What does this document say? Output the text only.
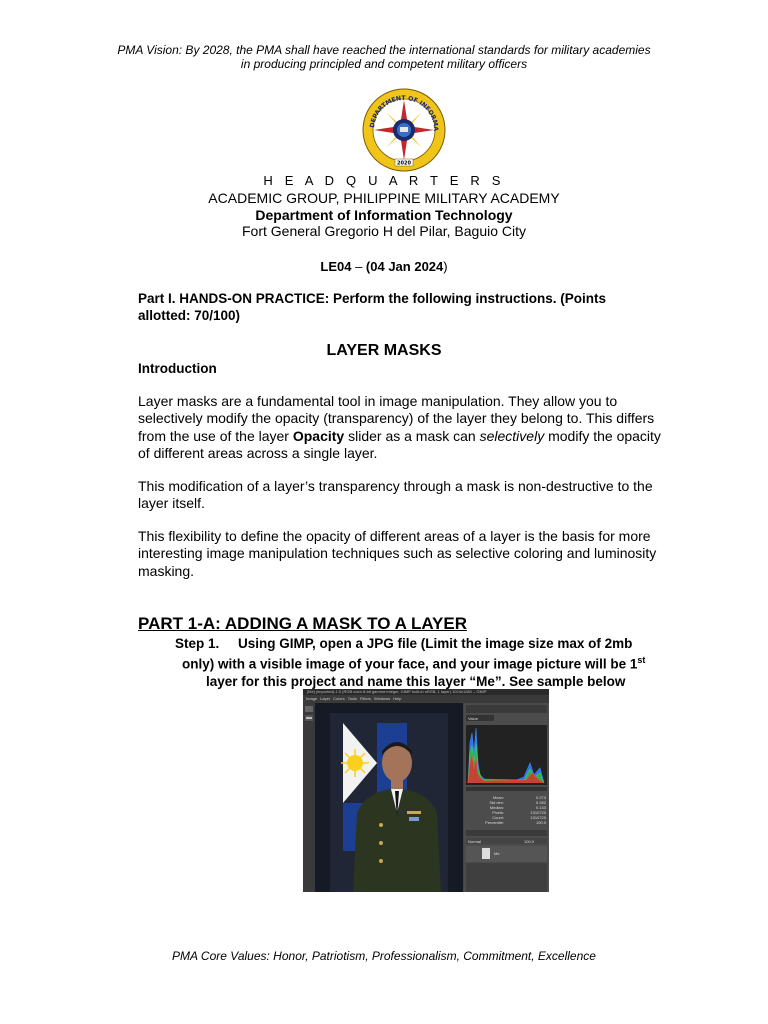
PMA Vision: By 2028, the PMA shall have reached the international standards for military academies
in producing principled and competent military officers
DEPARTMENT OF INFORMA
2020
H E A D Q U A R T E R S
ACADEMIC GROUP, PHILIPPINE MILITARY ACADEMY
Department of Information Technology
Fort General Gregorio H del Pilar, Baguio City
LE04 – (04 Jan 2024)
Part I. HANDS-ON PRACTICE: Perform the following instructions. (Points
allotted: 70/100)
LAYER MASKS
Introduction
Layer masks are a fundamental tool in image manipulation. They allow you to selectively modify the opacity (transparency) of the layer they belong to. This differs from the use of the layer Opacity slider as a mask can selectively modify the opacity of different areas across a single layer.
This modification of a layer’s transparency through a mask is non-destructive to the layer itself.
This flexibility to define the opacity of different areas of a layer is the basis for more interesting image manipulation techniques such as selective coloring and luminosity masking.
PART 1-A: ADDING A MASK TO A LAYER
Step 1.     Using GIMP, open a JPG file (Limit the image size max of 2mb
only) with a visible image of your face, and your image picture will be 1st
layer for this project and name this layer “Me”. See sample below
[Me] (imported)-1.0 (RGB color 8-bit gamma integer, GIMP built-in sRGB, 1 layer) 1024x1280 – GIMP
Image Layer Colors Tools Filters Windows Help
Mean:
Std dev:
Median:
Pixels:
Count:
Percentile:
0.273
0.282
0.133
1310720
1310720
100.0
Value
Normal	100.0
Me
PMA Core Values: Honor, Patriotism, Professionalism, Commitment, Excellence
